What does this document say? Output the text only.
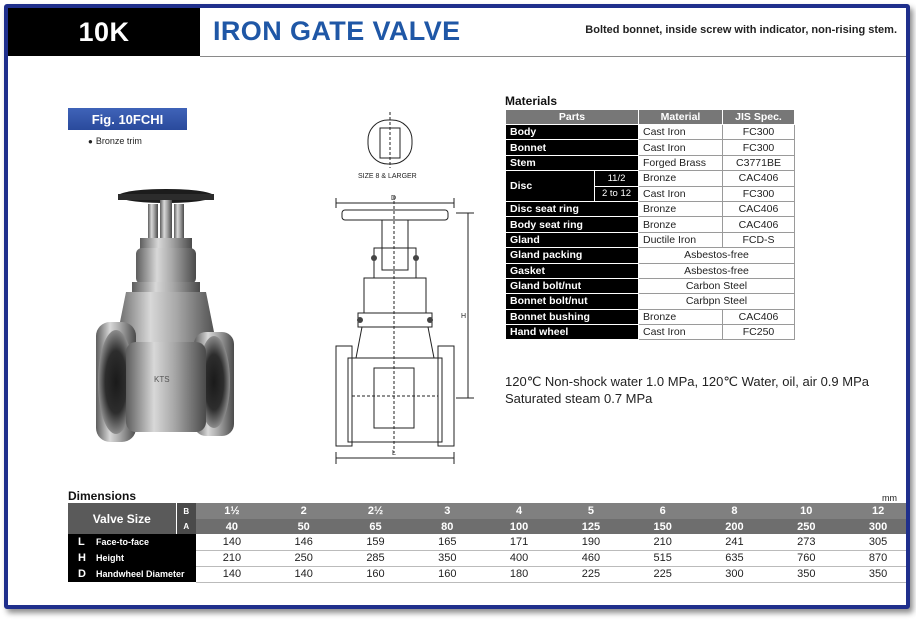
10K	IRON GATE VALVE	Bolted bonnet, inside screw with indicator, non-rising stem.
Fig. 10FCHI
● Bronze trim
KTS
SIZE 8 & LARGER
D
H
L
Materials
Parts		Material	JIS Spec.
Body		Cast Iron	FC300
Bonnet		Cast Iron	FC300
Stem		Forged Brass	C3771BE
Disc	11/2	Bronze	CAC406
	2 to 12	Cast Iron	FC300
Disc seat ring		Bronze	CAC406
Body seat ring		Bronze	CAC406
Gland		Ductile Iron	FCD-S
Gland packing		Asbestos-free	
Gasket		Asbestos-free	
Gland bolt/nut		Carbon Steel	
Bonnet bolt/nut		Carbpn Steel	
Bonnet bushing		Bronze	CAC406
Hand wheel		Cast Iron	FC250
120℃ Non-shock water 1.0 MPa, 120℃ Water, oil, air 0.9 MPa
Saturated steam 0.7 MPa
Dimensions	mm
Valve Size	B	1½	2	2½	3	4	5	6	8	10	12
	A	40	50	65	80	100	125	150	200	250	300
L Face-to-face		140	146	159	165	171	190	210	241	273	305
H Height		210	250	285	350	400	460	515	635	760	870
D Handwheel Diameter		140	140	160	160	180	225	225	300	350	350
